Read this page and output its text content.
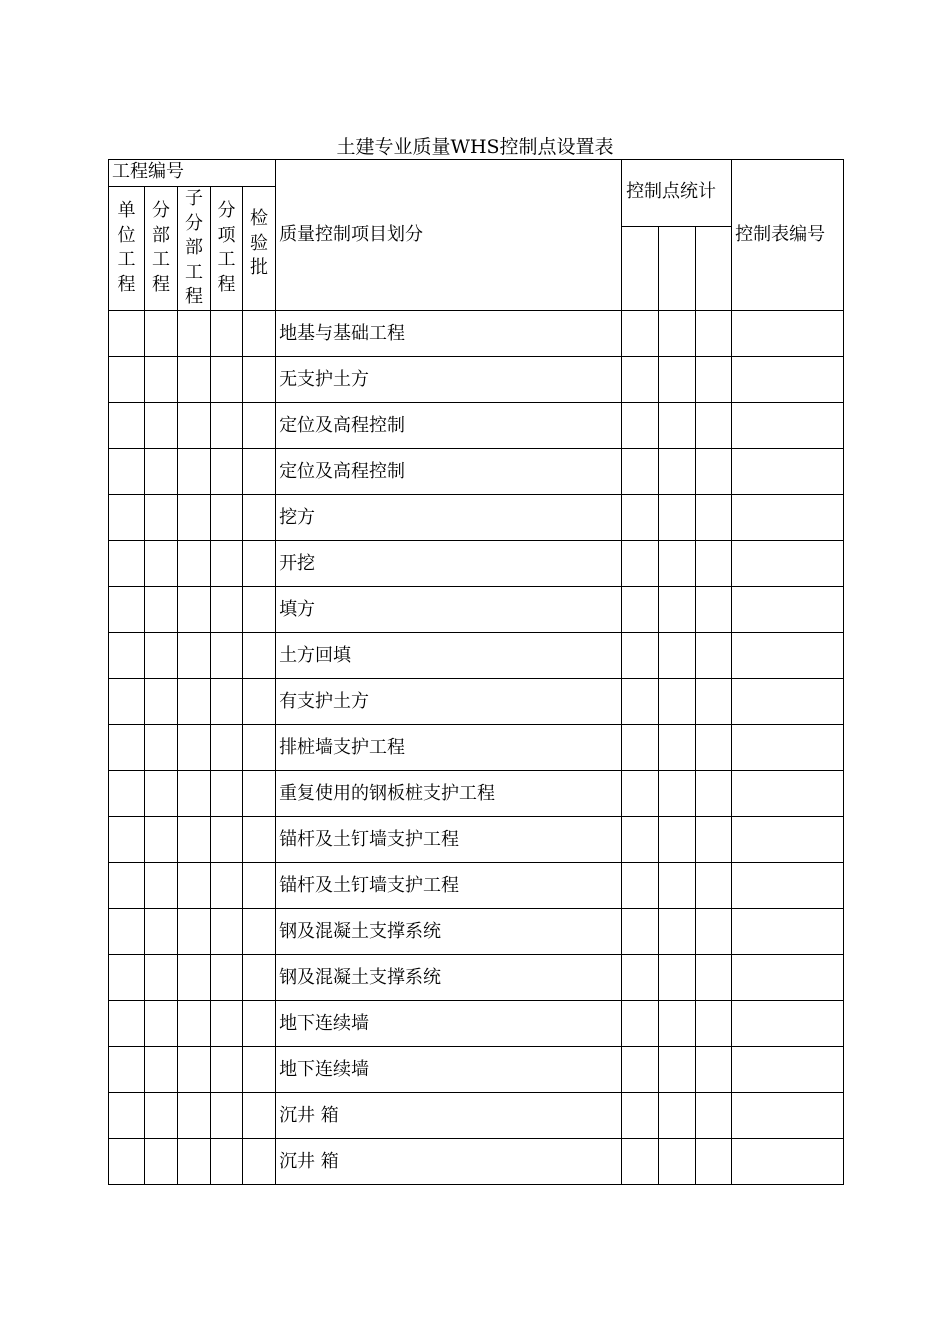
土建专业质量WHS控制点设置表
工程编号					质量控制项目划分	控制点统计			控制表编号

单位工程	分部工程	子分部工程	分项工程	检验批					

					地基与基础工程				
					无支护土方				
					定位及高程控制				
					定位及高程控制				
					挖方				
					开挖				
					填方				
					土方回填				
					有支护土方				
					排桩墙支护工程				
					重复使用的钢板桩支护工程				
					锚杆及土钉墙支护工程				
					锚杆及土钉墙支护工程				
					钢及混凝土支撑系统				
					钢及混凝土支撑系统				
					地下连续墙				
					地下连续墙				
					沉井 箱				
					沉井 箱				
